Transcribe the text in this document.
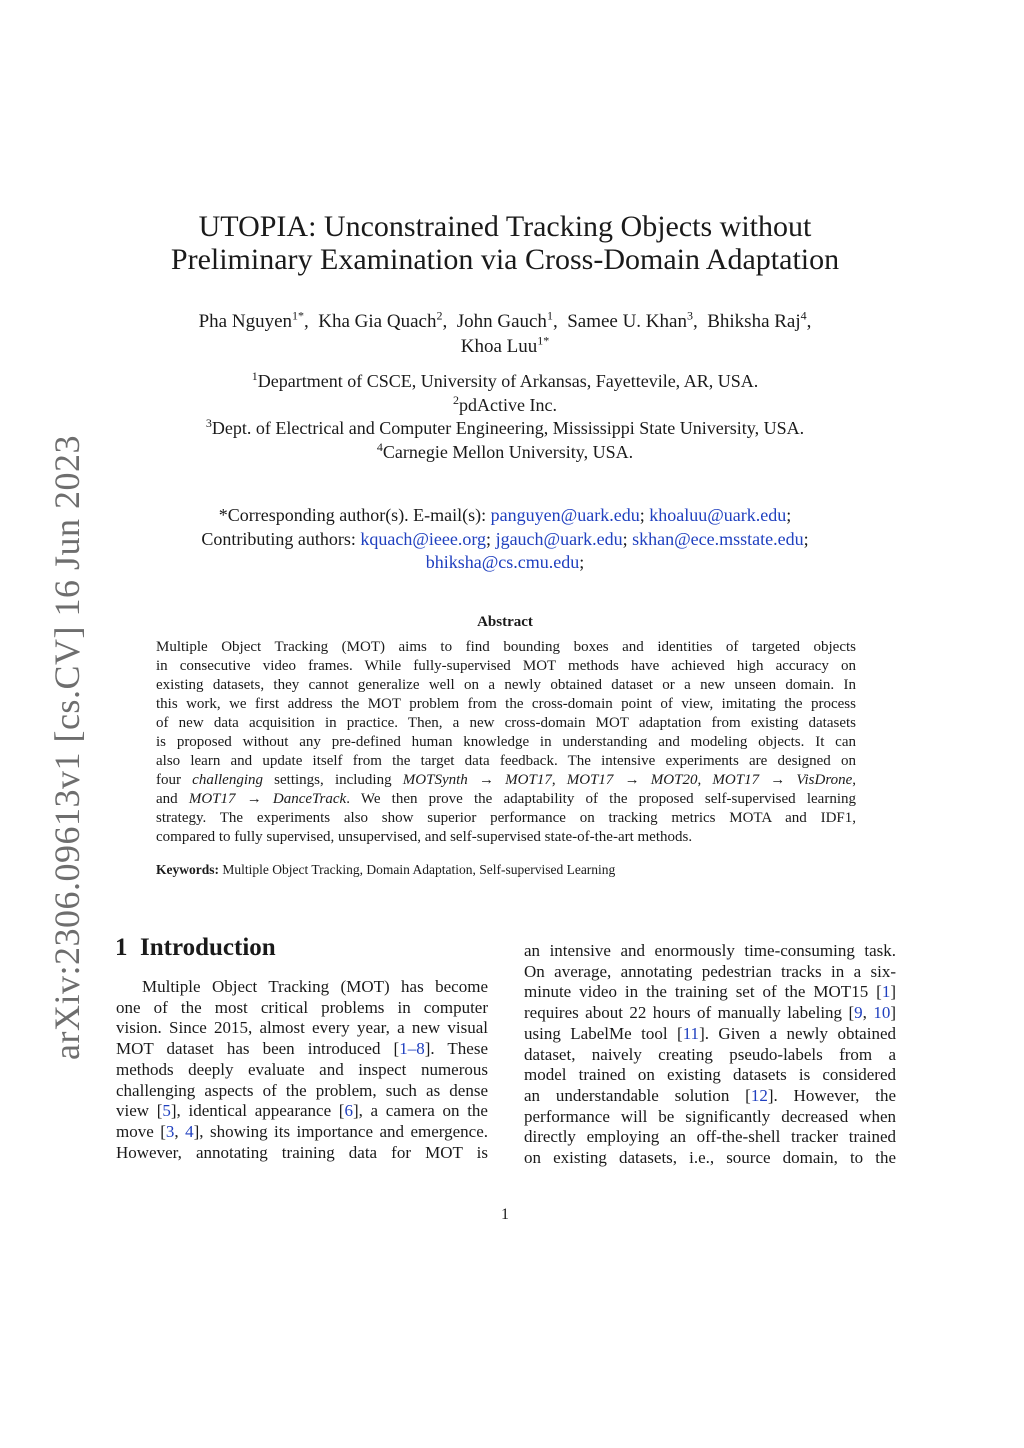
arXiv:2306.09613v1 [cs.CV] 16 Jun 2023
UTOPIA: Unconstrained Tracking Objects without
Preliminary Examination via Cross-Domain Adaptation
Pha Nguyen$^{1*}$,  Kha Gia Quach$^2$,  John Gauch$^1$,  Samee U. Khan$^3$,  Bhiksha Raj$^4$,
Khoa Luu$^{1*}$
$^1$Department of CSCE, University of Arkansas, Fayettevile, AR, USA.
$^2$pdActive Inc.
$^3$Dept. of Electrical and Computer Engineering, Mississippi State University, USA.
$^4$Carnegie Mellon University, USA.
*Corresponding author(s). E-mail(s): panguyen@uark.edu; khoaluu@uark.edu;
Contributing authors: kquach@ieee.org; jgauch@uark.edu; skhan@ece.msstate.edu;
bhiksha@cs.cmu.edu;
Abstract
Multiple Object Tracking (MOT) aims to find bounding boxes and identities of targeted objects
in consecutive video frames. While fully-supervised MOT methods have achieved high accuracy on
existing datasets, they cannot generalize well on a newly obtained dataset or a new unseen domain. In
this work, we first address the MOT problem from the cross-domain point of view, imitating the process
of new data acquisition in practice. Then, a new cross-domain MOT adaptation from existing datasets
is proposed without any pre-defined human knowledge in understanding and modeling objects. It can
also learn and update itself from the target data feedback. The intensive experiments are designed on
four challenging settings, including MOTSynth → MOT17, MOT17 → MOT20, MOT17 → VisDrone,
and MOT17 → DanceTrack. We then prove the adaptability of the proposed self-supervised learning
strategy. The experiments also show superior performance on tracking metrics MOTA and IDF1,
compared to fully supervised, unsupervised, and self-supervised state-of-the-art methods.
Keywords: Multiple Object Tracking, Domain Adaptation, Self-supervised Learning
1 Introduction
Multiple Object Tracking (MOT) has become
one of the most critical problems in computer
vision. Since 2015, almost every year, a new visual
MOT dataset has been introduced [1–8]. These
methods deeply evaluate and inspect numerous
challenging aspects of the problem, such as dense
view [5], identical appearance [6], a camera on the
move [3, 4], showing its importance and emergence.
However, annotating training data for MOT is
an intensive and enormously time-consuming task.
On average, annotating pedestrian tracks in a six-
minute video in the training set of the MOT15 [1]
requires about 22 hours of manually labeling [9, 10]
using LabelMe tool [11]. Given a newly obtained
dataset, naively creating pseudo-labels from a
model trained on existing datasets is considered
an understandable solution [12]. However, the
performance will be significantly decreased when
directly employing an off-the-shell tracker trained
on existing datasets, i.e., source domain, to the
1
